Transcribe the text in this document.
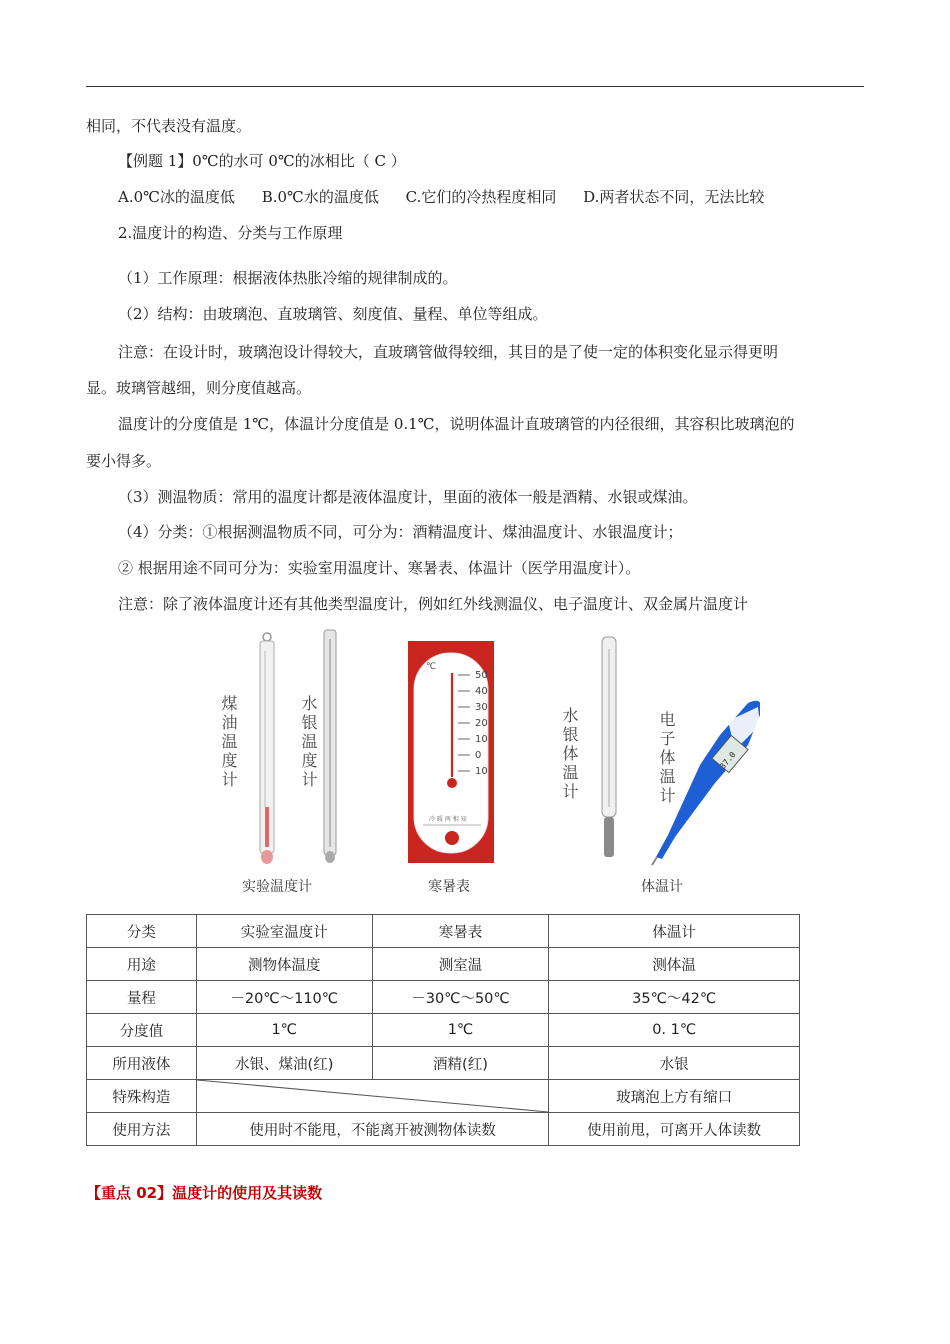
相同，不代表没有温度。
【例题 1】0℃的水可 0℃的冰相比（ C ）
A.0℃冰的温度低 B.0℃水的温度低 C.它们的冷热程度相同 D.两者状态不同，无法比较
2.温度计的构造、分类与工作原理
（1）工作原理：根据液体热胀冷缩的规律制成的。
（2）结构：由玻璃泡、直玻璃管、刻度值、量程、单位等组成。
注意：在设计时，玻璃泡设计得较大，直玻璃管做得较细，其目的是了使一定的体积变化显示得更明
显。玻璃管越细，则分度值越高。
温度计的分度值是 1℃，体温计分度值是 0.1℃，说明体温计直玻璃管的内径很细，其容积比玻璃泡的
要小得多。
（3）测温物质：常用的温度计都是液体温度计，里面的液体一般是酒精、水银或煤油。
（4）分类：①根据测温物质不同，可分为：酒精温度计、煤油温度计、水银温度计；
② 根据用途不同可分为：实验室用温度计、寒暑表、体温计（医学用温度计）。
注意：除了液体温度计还有其他类型温度计，例如红外线测温仪、电子温度计、双金属片温度计
℃
50
40
30
20
10
0
10
冷 暖 两 相 知
37.0
煤油温度计	水银温度计	水银体温计	电子体温计
实验温度计	寒暑表	体温计
分类	实验室温度计	寒暑表	体温计
用途	测物体温度	测室温	测体温
量程	－20℃～110℃	－30℃～50℃	35℃～42℃
分度值	1℃	1℃	0. 1℃
所用液体	水银、煤油(红)	酒精(红)	水银
特殊构造			玻璃泡上方有缩口
使用方法	使用时不能甩，不能离开被测物体读数		使用前甩，可离开人体读数
【重点 02】温度计的使用及其读数
